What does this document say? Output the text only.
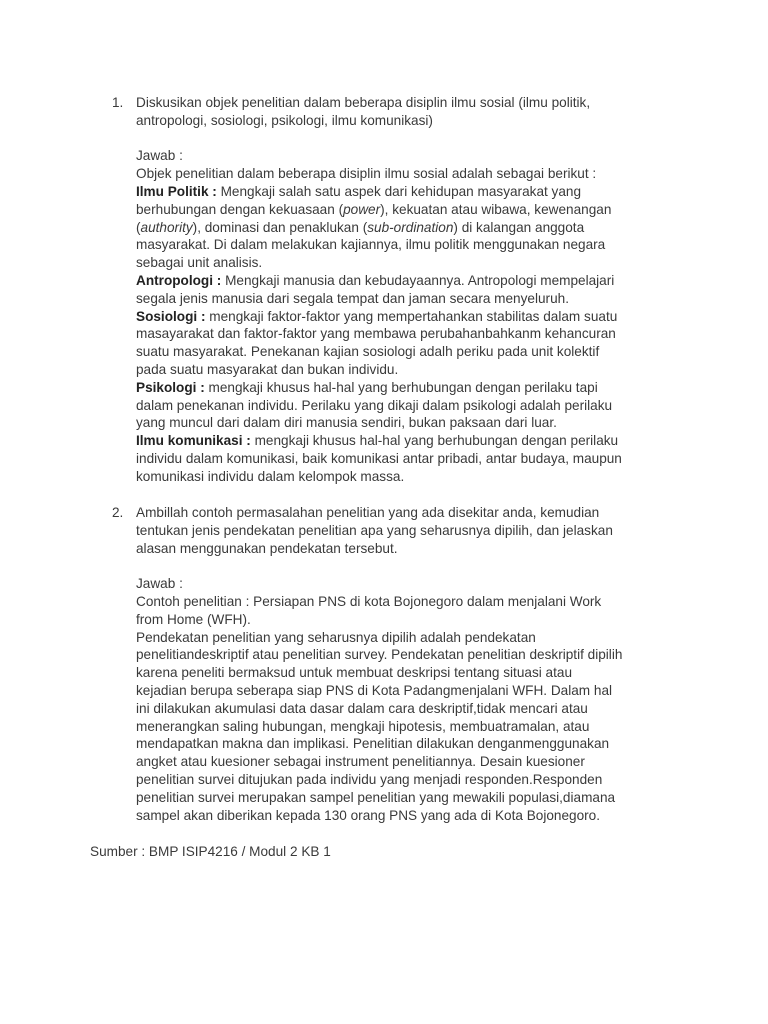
1. Diskusikan objek penelitian dalam beberapa disiplin ilmu sosial (ilmu politik,
antropologi, sosiologi, psikologi, ilmu komunikasi)
Jawab :
Objek penelitian dalam beberapa disiplin ilmu sosial adalah sebagai berikut :
Ilmu Politik : Mengkaji salah satu aspek dari kehidupan masyarakat yang
berhubungan dengan kekuasaan (power), kekuatan atau wibawa, kewenangan
(authority), dominasi dan penaklukan (sub-ordination) di kalangan anggota
masyarakat. Di dalam melakukan kajiannya, ilmu politik menggunakan negara
sebagai unit analisis.
Antropologi : Mengkaji manusia dan kebudayaannya. Antropologi mempelajari
segala jenis manusia dari segala tempat dan jaman secara menyeluruh.
Sosiologi : mengkaji faktor-faktor yang mempertahankan stabilitas dalam suatu
masayarakat dan faktor-faktor yang membawa perubahanbahkanm kehancuran
suatu masyarakat. Penekanan kajian sosiologi adalh periku pada unit kolektif
pada suatu masyarakat dan bukan individu.
Psikologi : mengkaji khusus hal-hal yang berhubungan dengan perilaku tapi
dalam penekanan individu. Perilaku yang dikaji dalam psikologi adalah perilaku
yang muncul dari dalam diri manusia sendiri, bukan paksaan dari luar.
Ilmu komunikasi : mengkaji khusus hal-hal yang berhubungan dengan perilaku
individu dalam komunikasi, baik komunikasi antar pribadi, antar budaya, maupun
komunikasi individu dalam kelompok massa.
2. Ambillah contoh permasalahan penelitian yang ada disekitar anda, kemudian
tentukan jenis pendekatan penelitian apa yang seharusnya dipilih, dan jelaskan
alasan menggunakan pendekatan tersebut.
Jawab :
Contoh penelitian : Persiapan PNS di kota Bojonegoro dalam menjalani Work
from Home (WFH).
Pendekatan penelitian yang seharusnya dipilih adalah pendekatan
penelitiandeskriptif atau penelitian survey. Pendekatan penelitian deskriptif dipilih
karena peneliti bermaksud untuk membuat deskripsi tentang situasi atau
kejadian berupa seberapa siap PNS di Kota Padangmenjalani WFH. Dalam hal
ini dilakukan akumulasi data dasar dalam cara deskriptif,tidak mencari atau
menerangkan saling hubungan, mengkaji hipotesis, membuatramalan, atau
mendapatkan makna dan implikasi. Penelitian dilakukan denganmenggunakan
angket atau kuesioner sebagai instrument penelitiannya. Desain kuesioner
penelitian survei ditujukan pada individu yang menjadi responden.Responden
penelitian survei merupakan sampel penelitian yang mewakili populasi,diamana
sampel akan diberikan kepada 130 orang PNS yang ada di Kota Bojonegoro.
Sumber : BMP ISIP4216 / Modul 2 KB 1
